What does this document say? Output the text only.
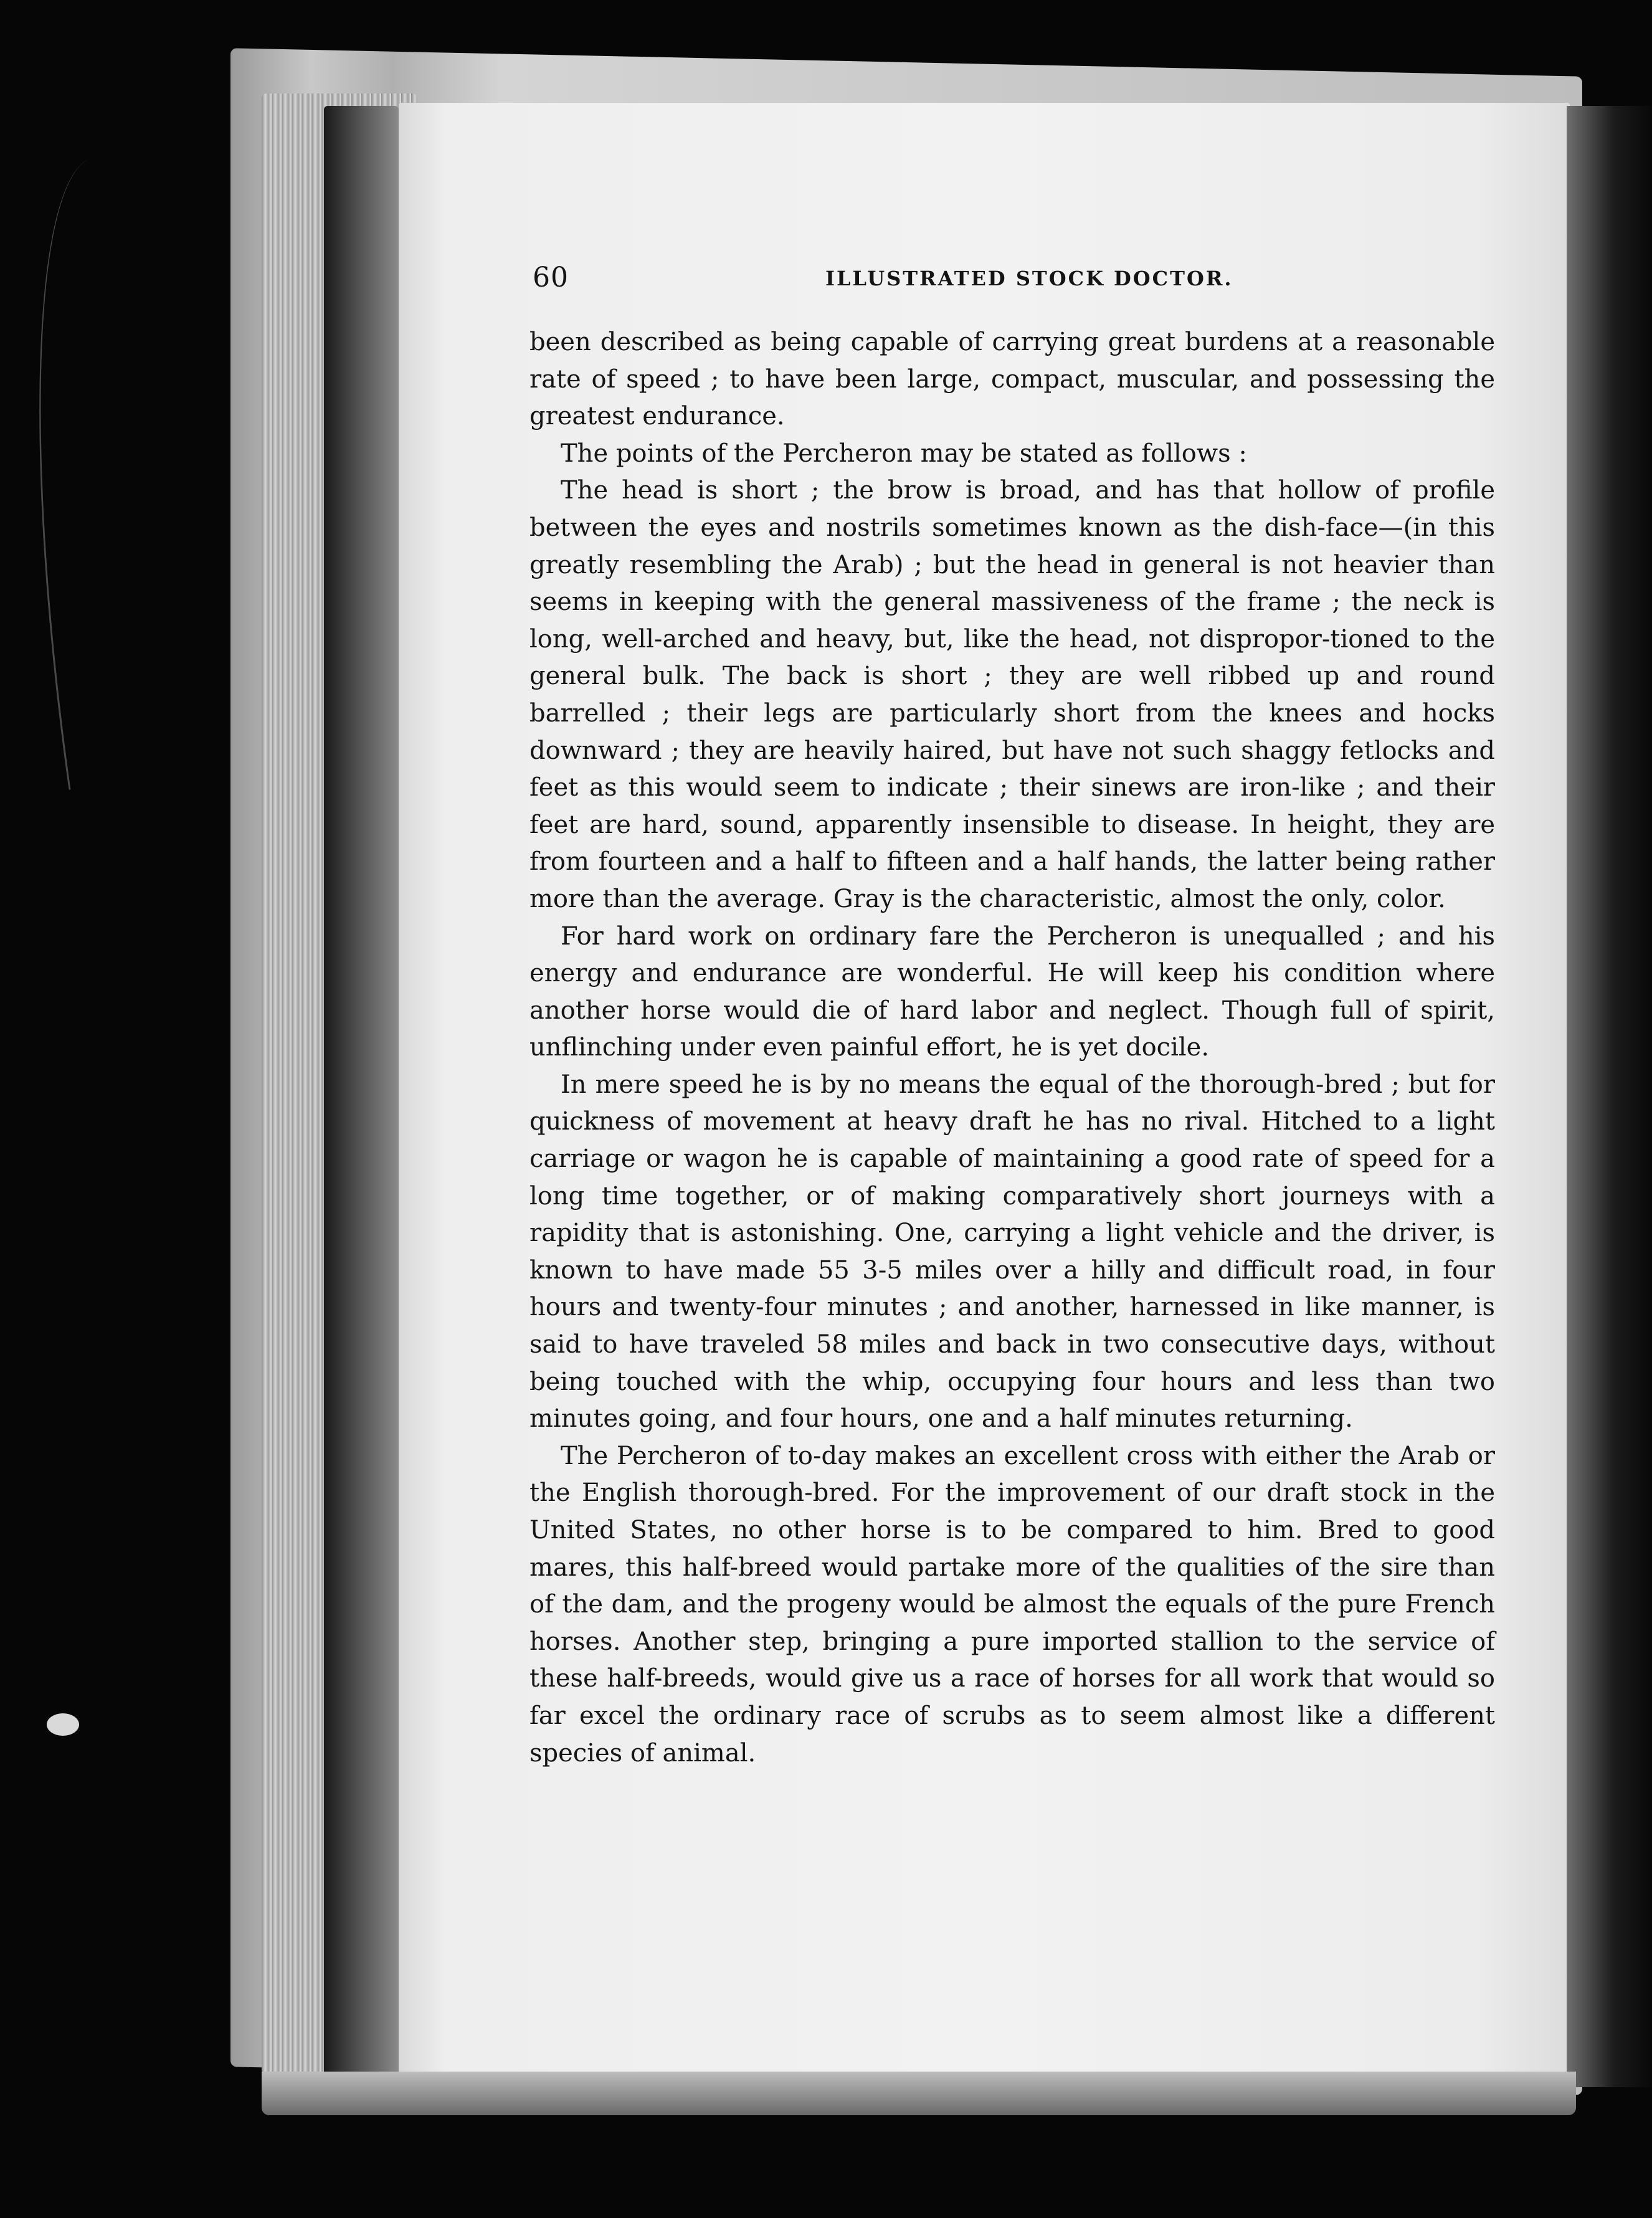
60	ILLUSTRATED STOCK DOCTOR.

been described as being capable of carrying great burdens at a reasonable rate of speed ; to have been large, compact, muscular, and possessing the greatest endurance.

The points of the Percheron may be stated as follows :

The head is short ; the brow is broad, and has that hollow of profile between the eyes and nostrils sometimes known as the dish-face—(in this greatly resembling the Arab) ; but the head in general is not heavier than seems in keeping with the general massiveness of the frame ; the neck is long, well-arched and heavy, but, like the head, not dispropor-tioned to the general bulk. The back is short ; they are well ribbed up and round barrelled ; their legs are particularly short from the knees and hocks downward ; they are heavily haired, but have not such shaggy fetlocks and feet as this would seem to indicate ; their sinews are iron-like ; and their feet are hard, sound, apparently insensible to disease. In height, they are from fourteen and a half to fifteen and a half hands, the latter being rather more than the average. Gray is the characteristic, almost the only, color.

For hard work on ordinary fare the Percheron is unequalled ; and his energy and endurance are wonderful. He will keep his condition where another horse would die of hard labor and neglect. Though full of spirit, unflinching under even painful effort, he is yet docile.

In mere speed he is by no means the equal of the thorough-bred ; but for quickness of movement at heavy draft he has no rival. Hitched to a light carriage or wagon he is capable of maintaining a good rate of speed for a long time together, or of making comparatively short journeys with a rapidity that is astonishing. One, carrying a light vehicle and the driver, is known to have made 55 3-5 miles over a hilly and difficult road, in four hours and twenty-four minutes ; and another, harnessed in like manner, is said to have traveled 58 miles and back in two consecutive days, without being touched with the whip, occupying four hours and less than two minutes going, and four hours, one and a half minutes returning.

The Percheron of to-day makes an excellent cross with either the Arab or the English thorough-bred. For the improvement of our draft stock in the United States, no other horse is to be compared to him. Bred to good mares, this half-breed would partake more of the qualities of the sire than of the dam, and the progeny would be almost the equals of the pure French horses. Another step, bringing a pure imported stallion to the service of these half-breeds, would give us a race of horses for all work that would so far excel the ordinary race of scrubs as to seem almost like a different species of animal.
